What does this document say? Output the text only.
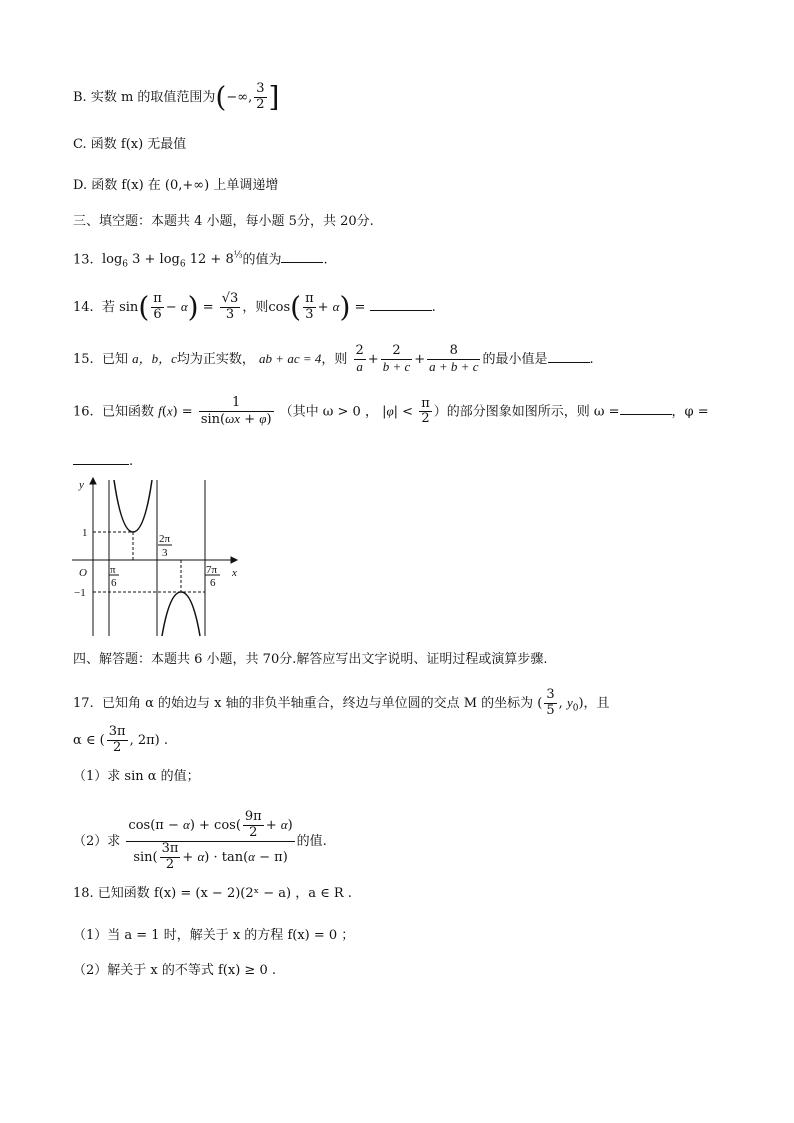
B. 实数 m 的取值范围为(−∞, $\frac{3}{2}$ ]
C. 函数 f(x) 无最值
D. 函数 f(x) 在 (0,+∞) 上单调递增
三、填空题：本题共 4 小题，每小题 5分，共 20分.
13. $\log_6 3 + \log_6 12 + 8^{\frac{1}{3}}$的值为	.
14. 若 $\sin( \frac{\pi}{6} - \alpha) = \frac{√3}{3}$ ，则$\cos( \frac{\pi}{3} + \alpha)$ =	.
15. 已知 a，b，c均为正实数， ab + ac = 4，则 $\frac{2}{a} + \frac{2}{b + c} + \frac{8}{a + b + c}$ 的最小值是	.
16. 已知函数 $f(x) = \frac{1}{\sin(\omega x + \varphi)}$ （其中 ω > 0 ， $|\varphi| < \frac{\pi}{2}$ ）的部分图象如图所示，则 ω =	，φ =
.
y
x
O
1
−1
π
6
2π
3
7π
6
四、解答题：本题共 6 小题，共 70分.解答应写出文字说明、证明过程或演算步骤.
17. 已知角 α 的始边与 x 轴的非负半轴重合，终边与单位圆的交点 M 的坐标为 ( $\frac{3}{5}$ , $y_0$)，且
α ∈ ( $\frac{3\pi}{2}$ , 2π) .
（1）求 sin α 的值；
（2）求 $\frac{\cos(\pi - \alpha) + \cos( \frac{9\pi}{2} + \alpha)}{\sin( \frac{3\pi}{2} + \alpha) \cdot \tan(\alpha - \pi)}$ 的值.
18. 已知函数 f(x) = (x − 2)(2ˣ − a) ，a ∈ R .
（1）当 a = 1 时，解关于 x 的方程 f(x) = 0 ；
（2）解关于 x 的不等式 f(x) ≥ 0 .
